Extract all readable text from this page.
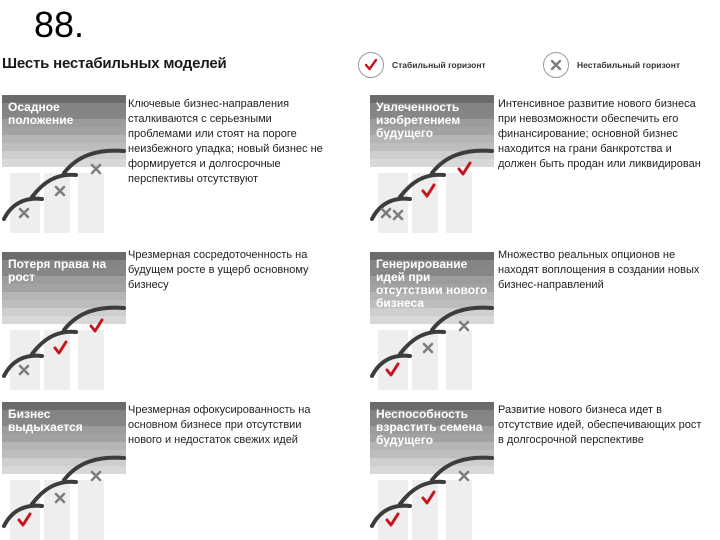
88.
Шесть нестабильных моделей	Стабильный горизонт	Нестабильный горизонт
Осадное положение
Ключевые бизнес-направления сталкиваются с серьезными проблемами или стоят на пороге неизбежного упадка; новый бизнес не формируется и долгосрочные перспективы отсутствуют
Увлеченность изобретением будущего
Интенсивное развитие нового бизнеса при невозможности обеспечить его финансирование; основной бизнес находится на грани банкротства и должен быть продан или ликвидирован
Потеря права на рост
Чрезмерная сосредоточенность на будущем росте в ущерб основному бизнесу
Генерирование идей при отсутствии нового бизнеса
Множество реальных опционов не находят воплощения в создании новых бизнес-направлений
Бизнес выдыхается
Чрезмерная офокусированность на основном бизнесе при отсутствии нового и недостаток свежих идей
Неспособность взрастить семена будущего
Развитие нового бизнеса идет в отсутствие идей, обеспечивающих рост в долгосрочной перспективе
